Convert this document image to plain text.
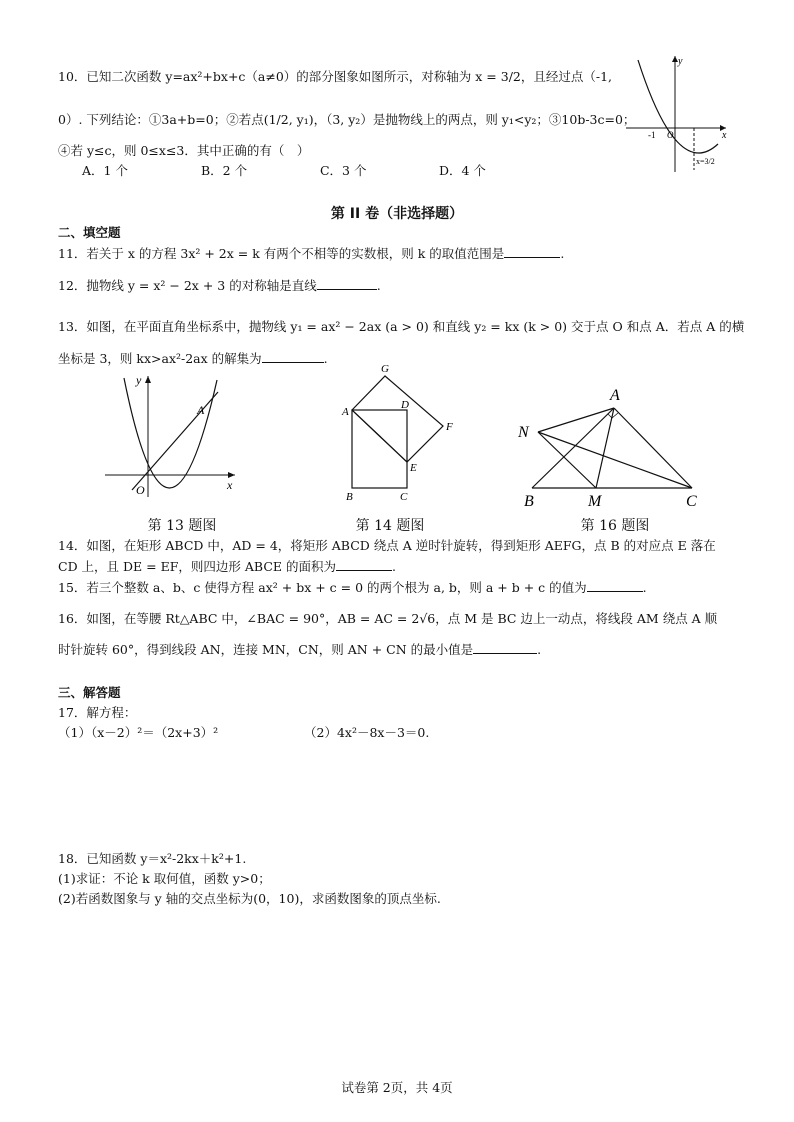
10．已知二次函数 y=ax²+bx+c（a≠0）的部分图象如图所示，对称轴为 x = 3/2，且经过点（-1,
0）. 下列结论：①3a+b=0；②若点(1/2, y₁)，（3, y₂）是抛物线上的两点，则 y₁<y₂；③10b-3c=0；
④若 y≤c，则 0≤x≤3．其中正确的有（　）
A．1 个	B．2 个	C．3 个	D．4 个
y
x
O
-1
x=3/2
第 II 卷（非选择题）
二、填空题
11．若关于 x 的方程 3x² + 2x = k 有两个不相等的实数根，则 k 的取值范围是	.
12．抛物线 y = x² − 2x + 3 的对称轴是直线	.
13．如图，在平面直角坐标系中，抛物线 y₁ = ax² − 2ax (a > 0) 和直线 y₂ = kx (k > 0) 交于点 O 和点 A．若点 A 的横
坐标是 3，则 kx>ax²-2ax 的解集为	.
y
x
O
A
第 13 题图
G
A
D
F
E
B	C
第 14 题图
A
N
B	M	C
第 16 题图
14．如图，在矩形 ABCD 中，AD = 4，将矩形 ABCD 绕点 A 逆时针旋转，得到矩形 AEFG，点 B 的对应点 E 落在
CD 上，且 DE = EF，则四边形 ABCE 的面积为	.
15．若三个整数 a、b、c 使得方程 ax² + bx + c = 0 的两个根为 a, b，则 a + b + c 的值为	.
16．如图，在等腰 Rt△ABC 中，∠BAC = 90°，AB = AC = 2√6，点 M 是 BC 边上一动点，将线段 AM 绕点 A 顺
时针旋转 60°，得到线段 AN，连接 MN，CN，则 AN + CN 的最小值是	.
三、解答题
17．解方程：
（1）（x－2）²＝（2x+3）²	（2）4x²－8x－3＝0.
18．已知函数 y＝x²-2kx＋k²+1.
(1)求证：不论 k 取何值，函数 y>0；
(2)若函数图象与 y 轴的交点坐标为(0，10)，求函数图象的顶点坐标.
试卷第 2页，共 4页
